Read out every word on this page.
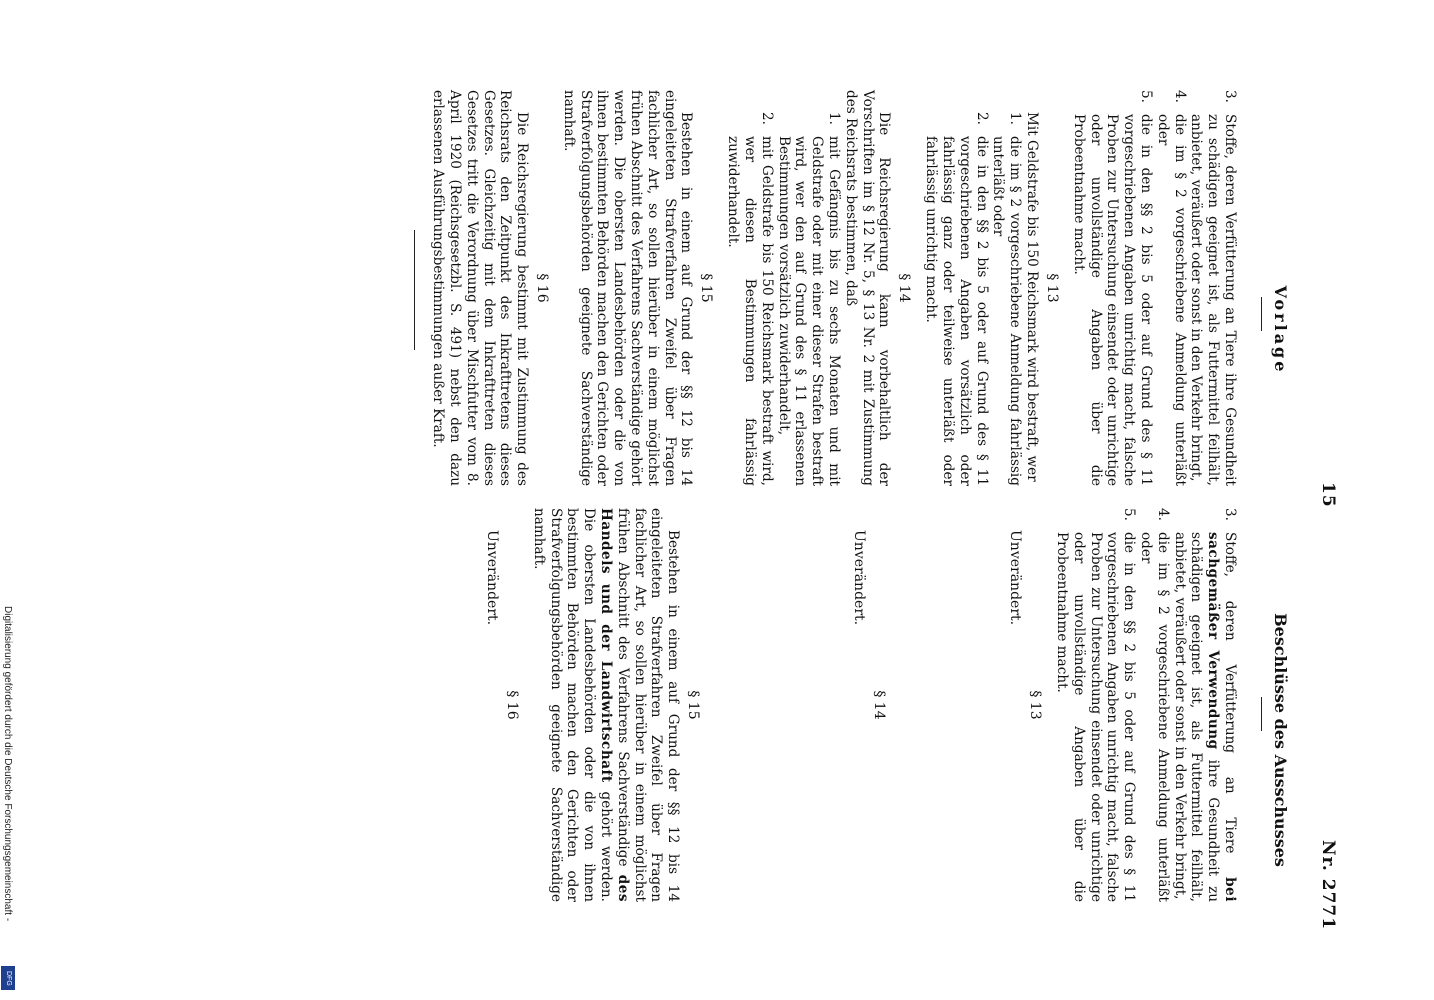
15
Nr. 2771
Vorlage
3.
Stoffe, deren Verfütterung an Tiere ihre Gesundheit zu schädigen geeignet ist, als Futtermittel feilhält, anbietet, veräußert oder sonst in den Verkehr bringt,
4.
die im § 2 vorgeschriebene Anmeldung unterläßt oder
5.
die in den §§ 2 bis 5 oder auf Grund des § 11 vorgeschriebenen Angaben unrichtig macht, falsche Proben zur Untersuchung einsendet oder unrichtige oder unvollständige Angaben über die Probeentnahme macht.
§ 13
Mit Geldstrafe bis 150 Reichsmark wird bestraft, wer
1.
die im § 2 vorgeschriebene Anmeldung fahrlässig unterläßt oder
2.
die in den §§ 2 bis 5 oder auf Grund des § 11 vorgeschriebenen Angaben vorsätzlich oder fahrlässig ganz oder teilweise unterläßt oder fahrlässig unrichtig macht.
§ 14
Die Reichsregierung kann vorbehaltlich der Vorschriften im § 12 Nr. 5, § 13 Nr. 2 mit Zustimmung des Reichsrats bestimmen, daß
1.
mit Gefängnis bis zu sechs Monaten und mit Geldstrafe oder mit einer dieser Strafen bestraft wird, wer den auf Grund des § 11 erlassenen Bestimmungen vorsätzlich zuwiderhandelt,
2.
mit Geldstrafe bis 150 Reichsmark bestraft wird, wer diesen Bestimmungen fahrlässig zuwiderhandelt.
§ 15
Bestehen in einem auf Grund der §§ 12 bis 14 eingeleiteten Strafverfahren Zweifel über Fragen fachlicher Art, so sollen hierüber in einem möglichst frühen Abschnitt des Verfahrens Sachverständige gehört werden. Die obersten Landesbehörden oder die von ihnen bestimmten Behörden machen den Gerichten oder Strafverfolgungsbehörden geeignete Sachverständige namhaft.
§ 16
Die Reichsregierung bestimmt mit Zustimmung des Reichsrats den Zeitpunkt des Inkrafttretens dieses Gesetzes. Gleichzeitig mit dem Inkrafttreten dieses Gesetzes tritt die Verordnung über Mischfutter vom 8. April 1920 (Reichsgesetzbl. S. 491) nebst den dazu erlassenen Ausführungsbestimmungen außer Kraft.
Beschlüsse des Ausschusses
3.
Stoffe, deren Verfütterung an Tiere bei sachgemäßer Verwendung ihre Gesundheit zu schädigen geeignet ist, als Futtermittel feilhält, anbietet, veräußert oder sonst in den Verkehr bringt,
4.
die im § 2 vorgeschriebene Anmeldung unterläßt oder
5.
die in den §§ 2 bis 5 oder auf Grund des § 11 vorgeschriebenen Angaben unrichtig macht, falsche Proben zur Untersuchung einsendet oder unrichtige oder unvollständige Angaben über die Probeentnahme macht.
§ 13
Unverändert.
§ 14
Unverändert.
§ 15
Bestehen in einem auf Grund der §§ 12 bis 14 eingeleiteten Strafverfahren Zweifel über Fragen fachlicher Art, so sollen hierüber in einem möglichst frühen Abschnitt des Verfahrens Sachverständige des Handels und der Landwirtschaft gehört werden. Die obersten Landesbehörden oder die von ihnen bestimmten Behörden machen den Gerichten oder Strafverfolgungsbehörden geeignete Sachverständige namhaft.
§ 16
Unverändert.
Digitalisierung gefördert durch die Deutsche Forschungsgemeinschaft -
DFG
